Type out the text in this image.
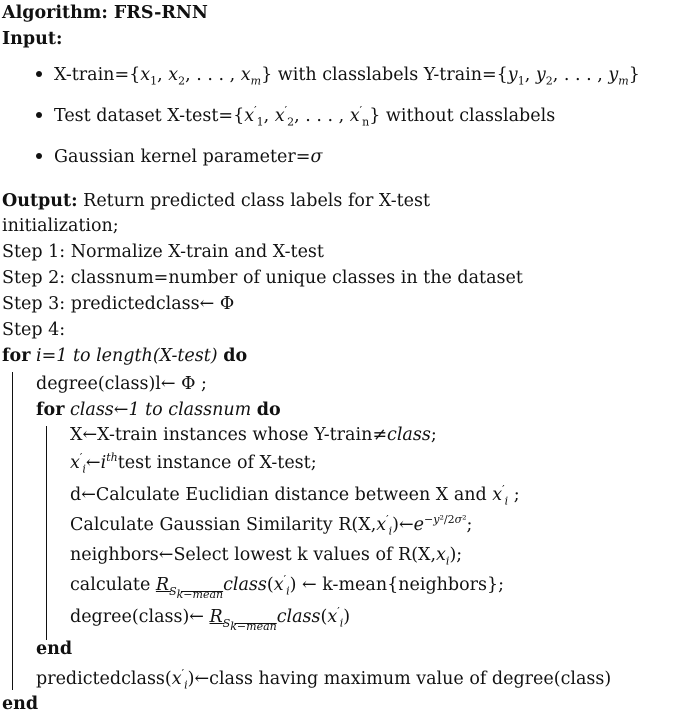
Algorithm: FRS-RNN
Input:
$X-train=\{x_1$, $x_2$, . . . , $x_m$} with classlabels $Y-train=\{y_1$, $y_2$, . . . , $y_m$}
Test dataset $X-test=\{x'_1$, $x'_2$, . . . , $x'_n$} without classlabels
Gaussian kernel parameter=σ
Output: Return predicted class labels for X-test
initialization;
Step 1: Normalize X-train and X-test
Step 2: classnum=number of unique classes in the dataset
Step 3: predictedclass← Φ
Step 4:
for i=1 to length(X-test) do
degree(class)l← Φ ;
for class←1 to classnum do
X←X-train instances whose Y-train≠class;
$x'_i\leftarrow i^{th}test$ instance of X-test;
d←Calculate Euclidian distance between X and $x'_i$ ;
Calculate Gaussian Similarity $R(X,x'_i)\leftarrow e^{-y^2/2\sigma^2}$;
neighbors←Select lowest k values of $R(X,x_i)$;
calculate $R_{S_{k-mean}}class(x'_i)$ ← k-mean{neighbors};
degree(class)← $R_{S_{k-mean}}class(x'_i)$
end
$predictedclass(x'_i)\leftarrow class$ having maximum value of degree(class)
end
